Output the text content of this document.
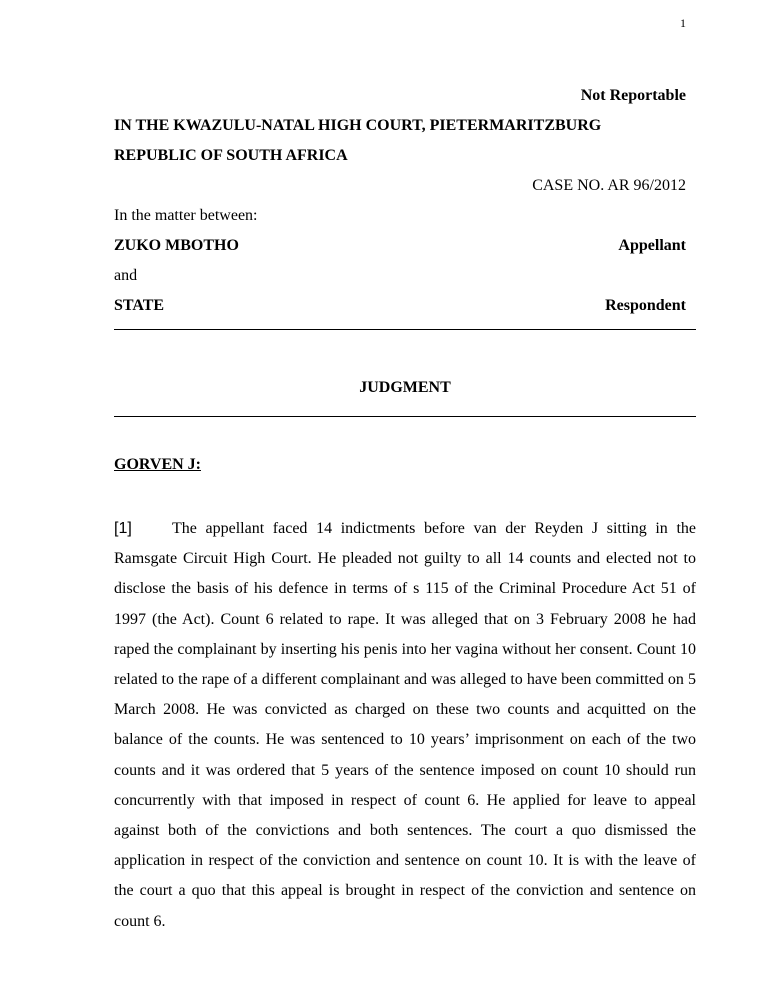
1
Not Reportable
IN THE KWAZULU-NATAL HIGH COURT, PIETERMARITZBURG
REPUBLIC OF SOUTH AFRICA
CASE NO. AR 96/2012
In the matter between:
ZUKO MBOTHO	Appellant
and
STATE	Respondent
JUDGMENT
GORVEN J:
[1]	The appellant faced 14 indictments before van der Reyden J sitting in the Ramsgate Circuit High Court. He pleaded not guilty to all 14 counts and elected not to disclose the basis of his defence in terms of s 115 of the Criminal Procedure Act 51 of 1997 (the Act). Count 6 related to rape. It was alleged that on 3 February 2008 he had raped the complainant by inserting his penis into her vagina without her consent. Count 10 related to the rape of a different complainant and was alleged to have been committed on 5 March 2008. He was convicted as charged on these two counts and acquitted on the balance of the counts. He was sentenced to 10 years’ imprisonment on each of the two counts and it was ordered that 5 years of the sentence imposed on count 10 should run concurrently with that imposed in respect of count 6. He applied for leave to appeal against both of the convictions and both sentences. The court a quo dismissed the application in respect of the conviction and sentence on count 10. It is with the leave of the court a quo that this appeal is brought in respect of the conviction and sentence on count 6.
